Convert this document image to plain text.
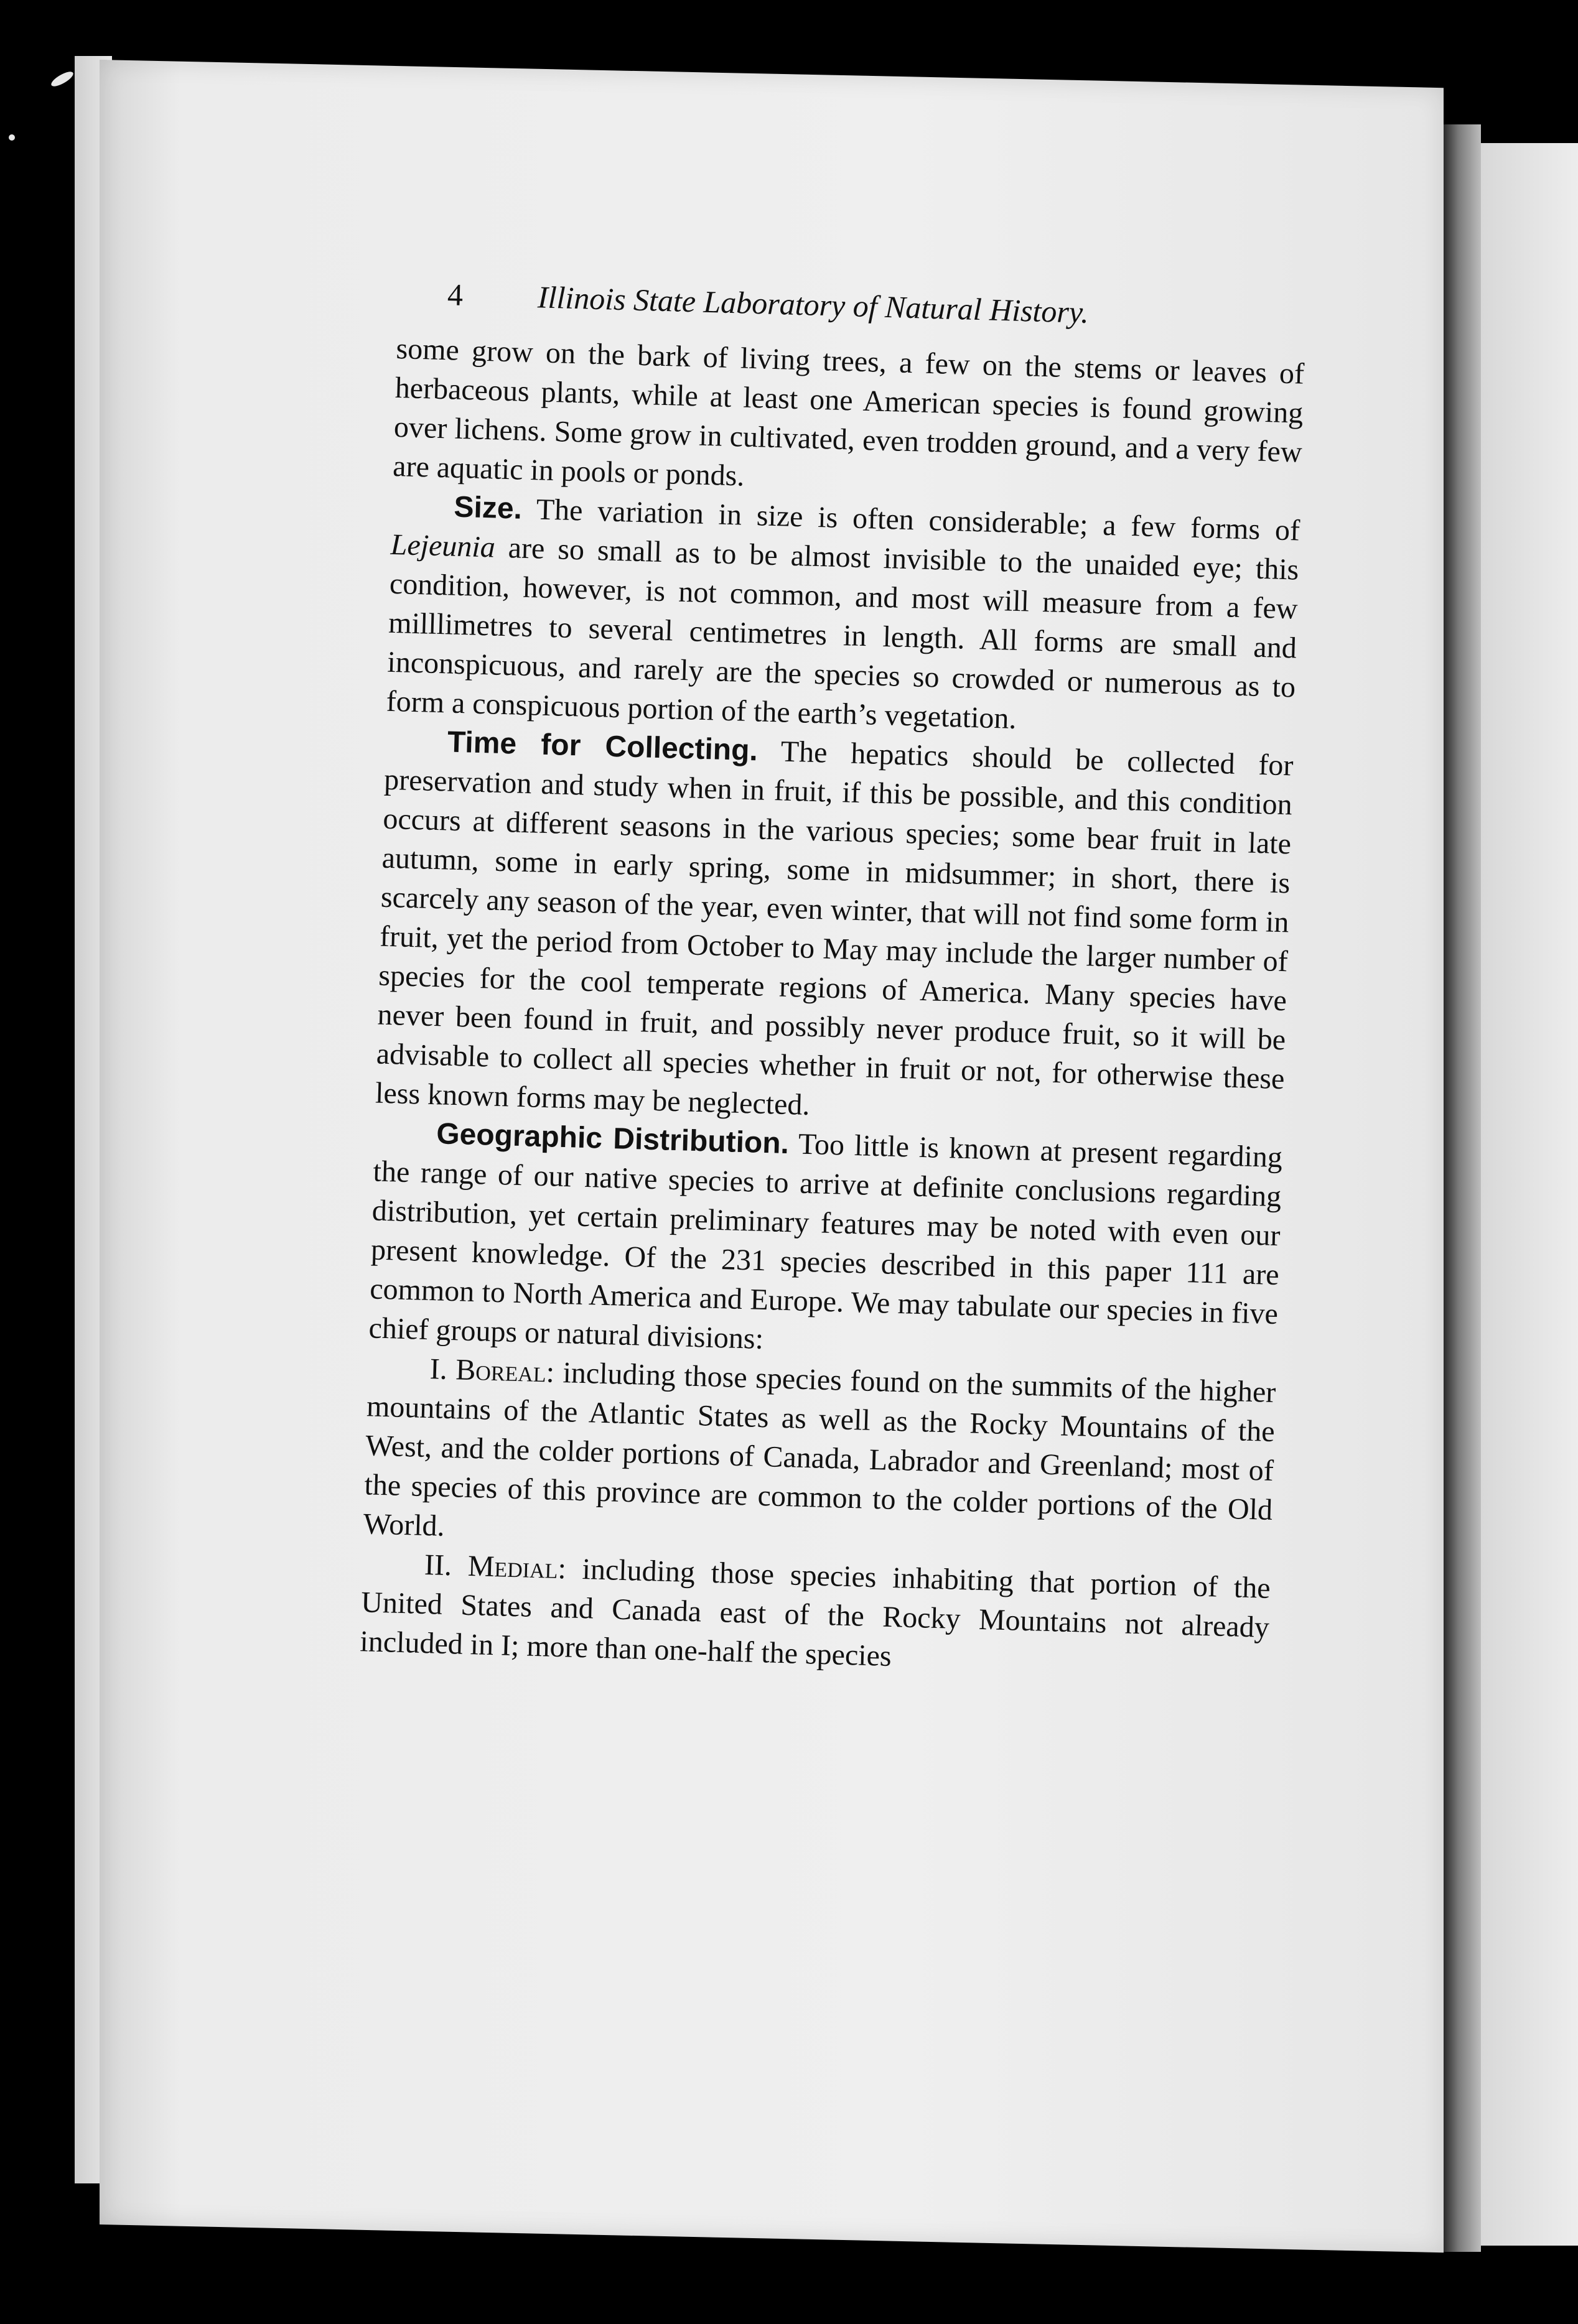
4 Illinois State Laboratory of Natural History.

some grow on the bark of living trees, a few on the stems or leaves of herbaceous plants, while at least one American species is found growing over lichens. Some grow in cultivated, even trodden ground, and a very few are aquatic in pools or ponds.

Size. The variation in size is often considerable; a few forms of Lejeunia are so small as to be almost invisible to the unaided eye; this condition, however, is not common, and most will measure from a few milllimetres to several centimetres in length. All forms are small and inconspicuous, and rarely are the species so crowded or numerous as to form a conspicuous portion of the earth’s vegetation.

Time for Collecting. The hepatics should be collected for preservation and study when in fruit, if this be possible, and this condition occurs at different seasons in the various species; some bear fruit in late autumn, some in early spring, some in midsummer; in short, there is scarcely any season of the year, even winter, that will not find some form in fruit, yet the period from October to May may include the larger number of species for the cool temperate regions of America. Many species have never been found in fruit, and possibly never produce fruit, so it will be advisable to collect all species whether in fruit or not, for otherwise these less known forms may be neglected.

Geographic Distribution. Too little is known at present regarding the range of our native species to arrive at definite conclusions regarding distribution, yet certain preliminary features may be noted with even our present knowledge. Of the 231 species described in this paper 111 are common to North America and Europe. We may tabulate our species in five chief groups or natural divisions:

I. Boreal: including those species found on the summits of the higher mountains of the Atlantic States as well as the Rocky Mountains of the West, and the colder portions of Canada, Labrador and Greenland; most of the species of this province are common to the colder portions of the Old World.

II. Medial: including those species inhabiting that portion of the United States and Canada east of the Rocky Mountains not already included in I; more than one-half the species
